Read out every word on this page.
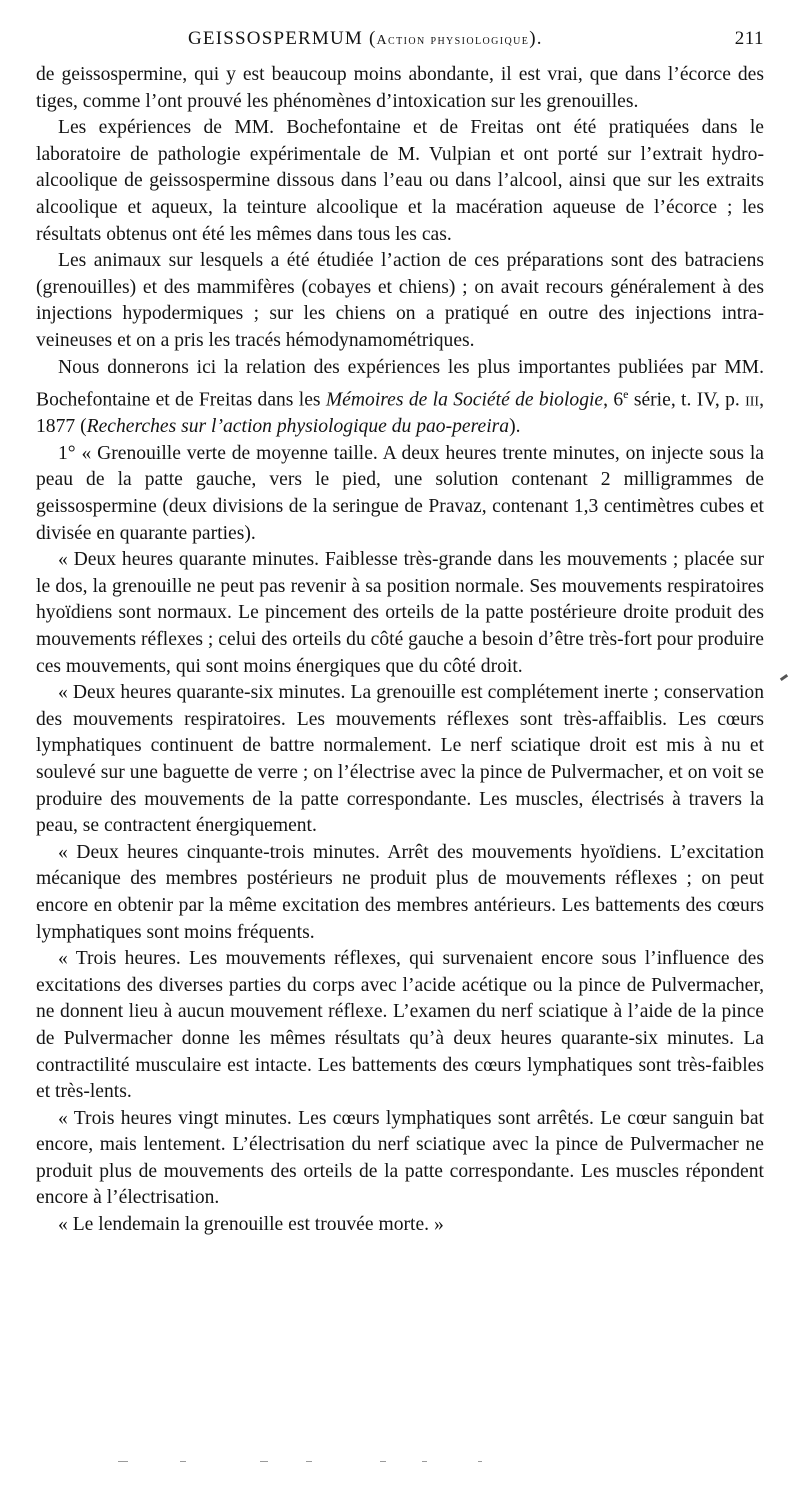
GEISSOSPERMUM (Action physiologique).	211

de geissospermine, qui y est beaucoup moins abondante, il est vrai, que dans l’écorce des tiges, comme l’ont prouvé les phénomènes d’intoxication sur les grenouilles.

Les expériences de MM. Bochefontaine et de Freitas ont été pratiquées dans le laboratoire de pathologie expérimentale de M. Vulpian et ont porté sur l’extrait hydro-alcoolique de geissospermine dissous dans l’eau ou dans l’alcool, ainsi que sur les extraits alcoolique et aqueux, la teinture alcoolique et la macération aqueuse de l’écorce ; les résultats obtenus ont été les mêmes dans tous les cas.

Les animaux sur lesquels a été étudiée l’action de ces préparations sont des batraciens (grenouilles) et des mammifères (cobayes et chiens) ; on avait recours généralement à des injections hypodermiques ; sur les chiens on a pratiqué en outre des injections intra-veineuses et on a pris les tracés hémodynamométriques.

Nous donnerons ici la relation des expériences les plus importantes publiées par MM. Bochefontaine et de Freitas dans les Mémoires de la Société de biologie, 6e série, t. IV, p. iii, 1877 (Recherches sur l’action physiologique du pao-pereira).

1° « Grenouille verte de moyenne taille. A deux heures trente minutes, on injecte sous la peau de la patte gauche, vers le pied, une solution contenant 2 milligrammes de geissospermine (deux divisions de la seringue de Pravaz, contenant 1,3 centimètres cubes et divisée en quarante parties).

« Deux heures quarante minutes. Faiblesse très-grande dans les mouvements ; placée sur le dos, la grenouille ne peut pas revenir à sa position normale. Ses mouvements respiratoires hyoïdiens sont normaux. Le pincement des orteils de la patte postérieure droite produit des mouvements réflexes ; celui des orteils du côté gauche a besoin d’être très-fort pour produire ces mouvements, qui sont moins énergiques que du côté droit.

« Deux heures quarante-six minutes. La grenouille est complétement inerte ; conservation des mouvements respiratoires. Les mouvements réflexes sont très-affaiblis. Les cœurs lymphatiques continuent de battre normalement. Le nerf sciatique droit est mis à nu et soulevé sur une baguette de verre ; on l’électrise avec la pince de Pulvermacher, et on voit se produire des mouvements de la patte correspondante. Les muscles, électrisés à travers la peau, se contractent énergiquement.

« Deux heures cinquante-trois minutes. Arrêt des mouvements hyoïdiens. L’excitation mécanique des membres postérieurs ne produit plus de mouvements réflexes ; on peut encore en obtenir par la même excitation des membres antérieurs. Les battements des cœurs lymphatiques sont moins fréquents.

« Trois heures. Les mouvements réflexes, qui survenaient encore sous l’influence des excitations des diverses parties du corps avec l’acide acétique ou la pince de Pulvermacher, ne donnent lieu à aucun mouvement réflexe. L’examen du nerf sciatique à l’aide de la pince de Pulvermacher donne les mêmes résultats qu’à deux heures quarante-six minutes. La contractilité musculaire est intacte. Les battements des cœurs lymphatiques sont très-faibles et très-lents.

« Trois heures vingt minutes. Les cœurs lymphatiques sont arrêtés. Le cœur sanguin bat encore, mais lentement. L’électrisation du nerf sciatique avec la pince de Pulvermacher ne produit plus de mouvements des orteils de la patte correspondante. Les muscles répondent encore à l’électrisation.

« Le lendemain la grenouille est trouvée morte. »
